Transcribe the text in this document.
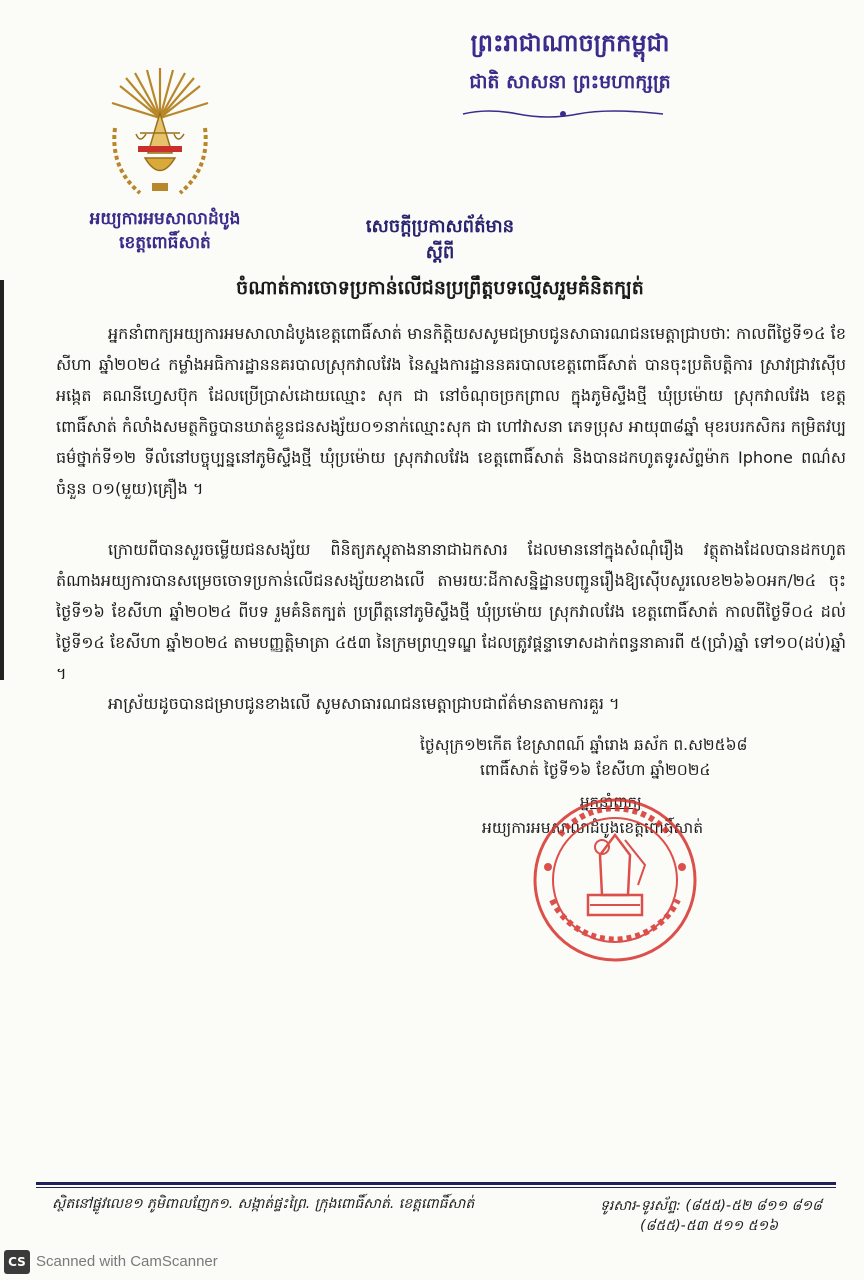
ព្រះរាជាណាចក្រកម្ពុជា
ជាតិ សាសនា ព្រះមហាក្សត្រ
អយ្យការអមសាលាដំបូង
ខេត្តពោធិ៍សាត់
សេចក្តីប្រកាសព័ត៌មាន
ស្តីពី
ចំណាត់ការចោទប្រកាន់លើជនប្រព្រឹត្តបទល្មើសរួមគំនិតក្បត់
អ្នកនាំពាក្យអយ្យការអមសាលាដំបូងខេត្តពោធិ៍សាត់ មានកិត្តិយសសូមជម្រាបជូនសាធារណជនមេត្តាជ្រាបថាៈ កាលពីថ្ងៃទី១៤ ខែសីហា ឆ្នាំ២០២៤ កម្លាំងអធិការដ្ឋាននគរបាលស្រុកវាលវែង នៃស្នងការដ្ឋាននគរបាលខេត្តពោធិ៍សាត់ បានចុះប្រតិបត្តិការ ស្រាវជ្រាវស៊ើបអង្កេត គណនីហ្វេសប៊ុក ដែលប្រើប្រាស់ដោយឈ្មោះ សុក ជា នៅចំណុចច្រកព្រាល ក្នុងភូមិស្ទឹងថ្មី ឃុំប្រម៉ោយ ស្រុកវាលវែង ខេត្តពោធិ៍សាត់ កំលាំងសមត្ថកិច្ចបានឃាត់ខ្លួនជនសង្ស័យ០១នាក់ឈ្មោះសុក ជា ហៅវាសនា ភេទប្រុស អាយុ៣៨ឆ្នាំ មុខរបរកសិករ កម្រិតវប្បធម៌ថ្នាក់ទី១២ ទីលំនៅបច្ចុប្បន្ននៅភូមិស្ទឹងថ្មី ឃុំប្រម៉ោយ ស្រុកវាលវែង ខេត្តពោធិ៍សាត់ និងបានដកហូតទូរស័ព្ទម៉ាក Iphone ពណ៌ស ចំនួន ០១(មួយ)គ្រឿង ។
ក្រោយពីបានសួរចម្លើយជនសង្ស័យ ពិនិត្យភស្តុតាងនានាជាឯកសារ ដែលមាននៅក្នុងសំណុំរឿង វត្ថុតាងដែលបានដកហូត តំណាងអយ្យការបានសម្រេចចោទប្រកាន់លើជនសង្ស័យខាងលើ តាមរយៈដីកាសន្និដ្ឋានបញ្ជូនរឿងឱ្យស៊ើបសួរលេខ២៦៦០អក/២៤ ចុះថ្ងៃទី១៦ ខែសីហា ឆ្នាំ២០២៤ ពីបទ រួមគំនិតក្បត់ ប្រព្រឹត្តនៅភូមិស្ទឹងថ្មី ឃុំប្រម៉ោយ ស្រុកវាលវែង ខេត្តពោធិ៍សាត់ កាលពីថ្ងៃទី០៤ ដល់ថ្ងៃទី១៤ ខែសីហា ឆ្នាំ២០២៤ តាមបញ្ញត្តិមាត្រា ៤៥៣ នៃក្រមព្រហ្មទណ្ឌ ដែលត្រូវផ្តន្ទាទោសដាក់ពន្ធនាគារពី ៥(ប្រាំ)ឆ្នាំ ទៅ១០(ដប់)ឆ្នាំ ។
អាស្រ័យដូចបានជម្រាបជូនខាងលើ សូមសាធារណជនមេត្តាជ្រាបជាព័ត៌មានតាមការគួរ ។
ថ្ងៃសុក្រ១២កើត ខែស្រាពណ៍ ឆ្នាំរោង ឆស័ក ព.ស២៥៦៨
ពោធិ៍សាត់ ថ្ងៃទី១៦ ខែសីហា ឆ្នាំ២០២៤
អ្នកនាំពាក្យ
អយ្យការអមសាលាដំបូងខេត្តពោធិ៍សាត់
ស្ថិតនៅផ្លូវលេខ១ ភូមិពាលញែក១. សង្កាត់ផ្ទះព្រៃ. ក្រុងពោធិ៍សាត់. ខេត្តពោធិ៍សាត់	ទូរសារ-ទូរស័ព្ទ: (៨៥៥)-៥២ ៨១១ ៨១៨
(៨៥៥)-៥៣ ៥១១ ៥១៦
CS Scanned with CamScanner
